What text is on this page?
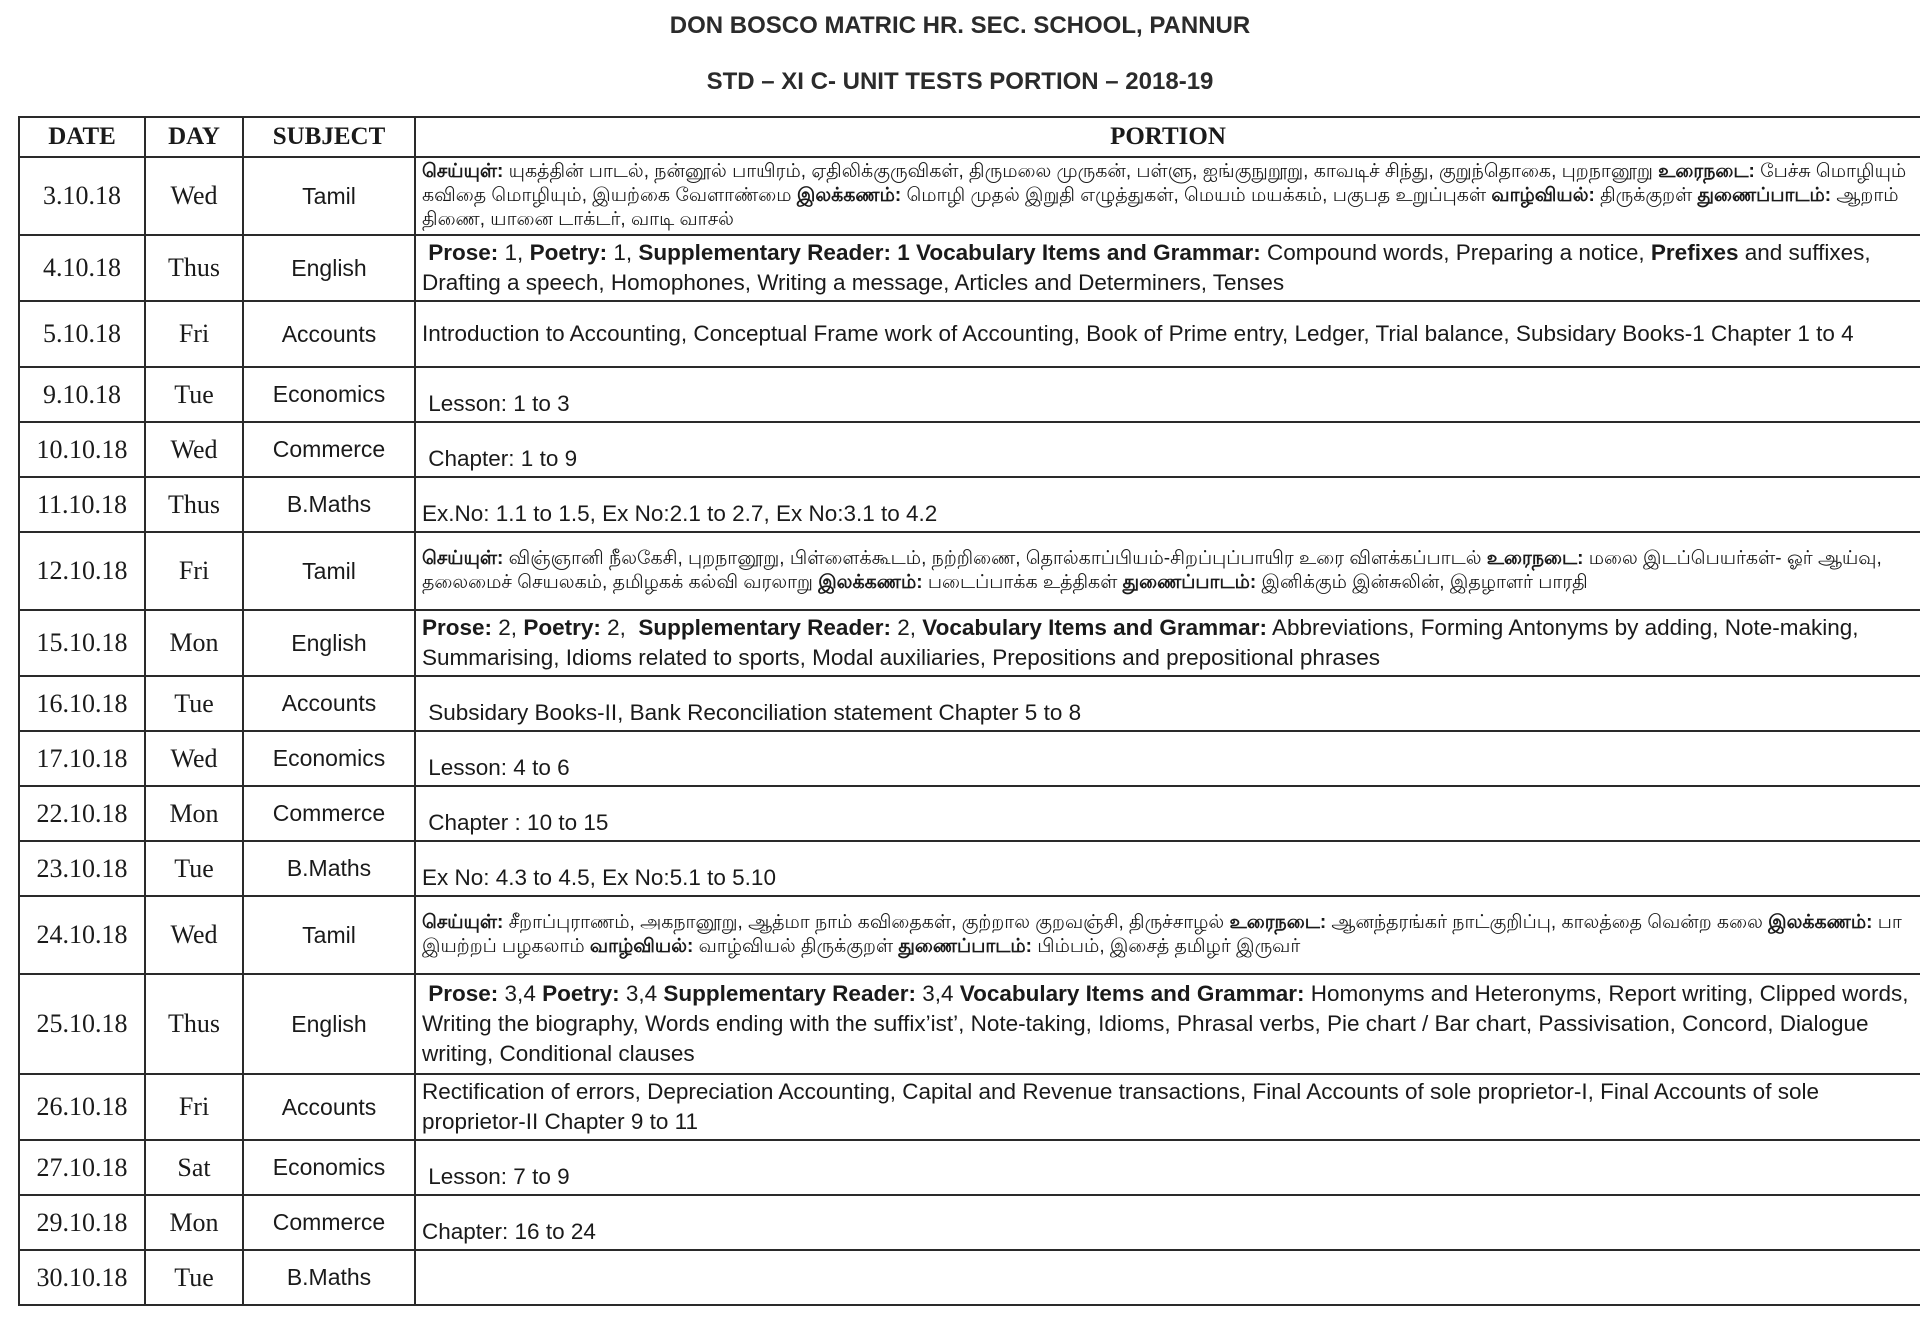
DON BOSCO MATRIC HR. SEC. SCHOOL, PANNUR
STD – XI C- UNIT TESTS PORTION – 2018-19
DATE	DAY	SUBJECT	PORTION
3.10.18	Wed	Tamil	செய்யுள்: யுகத்தின் பாடல், நன்னூல் பாயிரம், ஏதிலிக்குருவிகள், திருமலை முருகன், பள்ளு, ஐங்குநுறூறு, காவடிச் சிந்து, குறுந்தொகை, புறநானூறு உரைநடை: பேச்சு மொழியும் கவிதை மொழியும், இயற்கை வேளாண்மை இலக்கணம்: மொழி முதல் இறுதி எழுத்துகள், மெயம் மயக்கம், பகுபத உறுப்புகள் வாழ்வியல்: திருக்குறள் துணைப்பாடம்: ஆறாம் திணை, யானை டாக்டர், வாடி வாசல்
4.10.18	Thus	English	Prose: 1, Poetry: 1, Supplementary Reader: 1 Vocabulary Items and Grammar: Compound words, Preparing a notice, Prefixes and suffixes, Drafting a speech, Homophones, Writing a message, Articles and Determiners, Tenses
5.10.18	Fri	Accounts	Introduction to Accounting, Conceptual Frame work of Accounting, Book of Prime entry, Ledger, Trial balance, Subsidary Books-1 Chapter 1 to 4
9.10.18	Tue	Economics	Lesson: 1 to 3
10.10.18	Wed	Commerce	Chapter: 1 to 9
11.10.18	Thus	B.Maths	Ex.No: 1.1 to 1.5, Ex No:2.1 to 2.7, Ex No:3.1 to 4.2
12.10.18	Fri	Tamil	செய்யுள்: விஞ்ஞானி நீலகேசி, புறநானூறு, பிள்ளைக்கூடம், நற்றிணை, தொல்காப்பியம்-சிறப்புப்பாயிர உரை விளக்கப்பாடல் உரைநடை: மலை இடப்பெயர்கள்- ஓர் ஆய்வு, தலைமைச் செயலகம், தமிழகக் கல்வி வரலாறு இலக்கணம்: படைப்பாக்க உத்திகள் துணைப்பாடம்: இனிக்கும் இன்சுலின், இதழாளர் பாரதி
15.10.18	Mon	English	Prose: 2, Poetry: 2,  Supplementary Reader: 2, Vocabulary Items and Grammar: Abbreviations, Forming Antonyms by adding, Note-making, Summarising, Idioms related to sports, Modal auxiliaries, Prepositions and prepositional phrases
16.10.18	Tue	Accounts	Subsidary Books-II, Bank Reconciliation statement Chapter 5 to 8
17.10.18	Wed	Economics	Lesson: 4 to 6
22.10.18	Mon	Commerce	Chapter : 10 to 15
23.10.18	Tue	B.Maths	Ex No: 4.3 to 4.5, Ex No:5.1 to 5.10
24.10.18	Wed	Tamil	செய்யுள்: சீறாப்புராணம், அகநானூறு, ஆத்மா நாம் கவிதைகள், குற்றால குறவஞ்சி, திருச்சாழல் உரைநடை: ஆனந்தரங்கர் நாட்குறிப்பு, காலத்தை வென்ற கலை இலக்கணம்: பா இயற்றப் பழகலாம் வாழ்வியல்: வாழ்வியல் திருக்குறள் துணைப்பாடம்: பிம்பம், இசைத் தமிழர் இருவர்
25.10.18	Thus	English	Prose: 3,4 Poetry: 3,4 Supplementary Reader: 3,4 Vocabulary Items and Grammar: Homonyms and Heteronyms, Report writing, Clipped words, Writing the biography, Words ending with the suffix’ist’, Note-taking, Idioms, Phrasal verbs, Pie chart / Bar chart, Passivisation, Concord, Dialogue writing, Conditional clauses
26.10.18	Fri	Accounts	Rectification of errors, Depreciation Accounting, Capital and Revenue transactions, Final Accounts of sole proprietor-I, Final Accounts of sole proprietor-II Chapter 9 to 11
27.10.18	Sat	Economics	Lesson: 7 to 9
29.10.18	Mon	Commerce	Chapter: 16 to 24
30.10.18	Tue	B.Maths	
